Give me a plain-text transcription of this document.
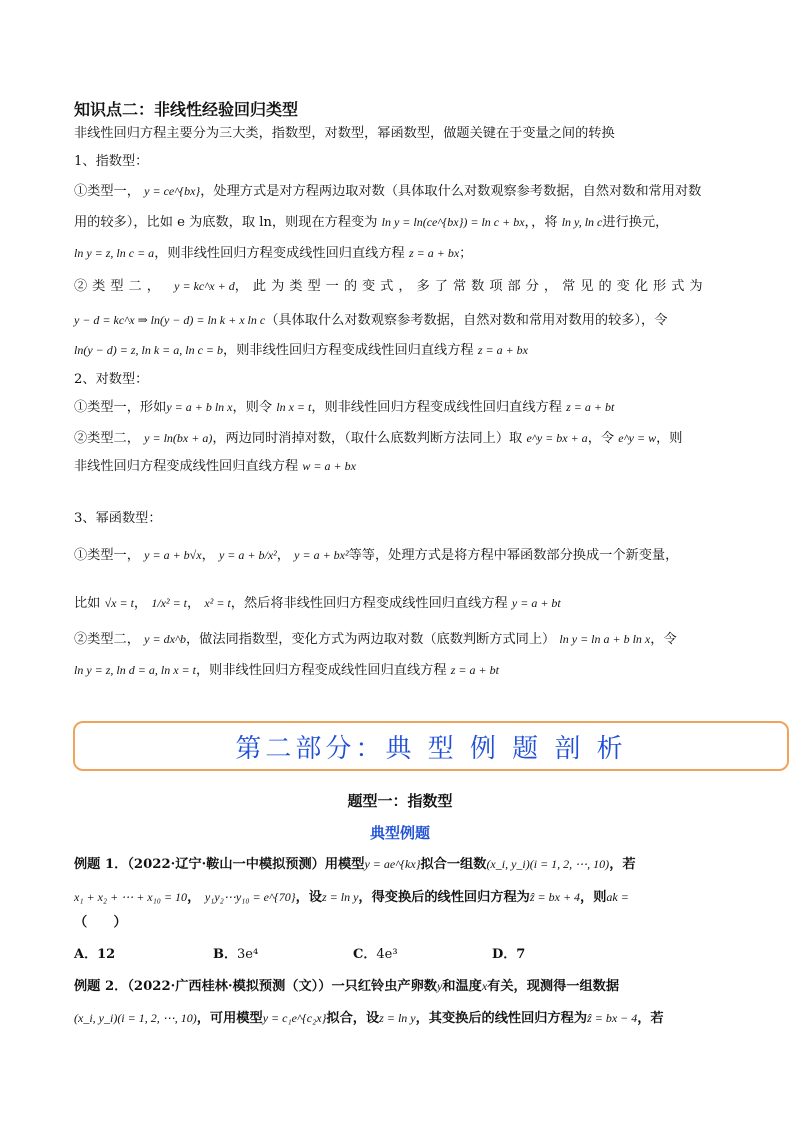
知识点二：非线性经验回归类型
非线性回归方程主要分为三大类，指数型，对数型，幂函数型，做题关键在于变量之间的转换
1、指数型：
①类型一， y = ce^{bx}，处理方式是对方程两边取对数（具体取什么对数观察参考数据，自然对数和常用对数
用的较多），比如 e 为底数，取 ln，则现在方程变为 ln y = ln(ce^{bx}) = ln c + bx，，将 ln y, ln c进行换元，
ln y = z, ln c = a，则非线性回归方程变成线性回归直线方程 z = a + bx；
②类型二， y = kc^x + d，此为类型一的变式，多了常数项部分，常见的变化形式为
y − d = kc^x ⇒ ln(y − d) = ln k + x ln c（具体取什么对数观察参考数据，自然对数和常用对数用的较多），令
ln(y − d) = z, ln k = a, ln c = b，则非线性回归方程变成线性回归直线方程 z = a + bx
2、对数型：
①类型一，形如y = a + b ln x，则令 ln x = t，则非线性回归方程变成线性回归直线方程 z = a + bt
②类型二， y = ln(bx + a)，两边同时消掉对数，（取什么底数判断方法同上）取 e^y = bx + a，令 e^y = w，则
非线性回归方程变成线性回归直线方程 w = a + bx
3、幂函数型：
①类型一， y = a + b√x， y = a + b/x²， y = a + bx²等等，处理方式是将方程中幂函数部分换成一个新变量，
比如 √x = t， 1/x² = t， x² = t，然后将非线性回归方程变成线性回归直线方程 y = a + bt
②类型二， y = dx^b，做法同指数型，变化方式为两边取对数（底数判断方式同上） ln y = ln a + b ln x，令
ln y = z, ln d = a, ln x = t，则非线性回归方程变成线性回归直线方程 z = a + bt
第二部分：典 型 例 题 剖 析
题型一：指数型
典型例题
例题 1．（2022·辽宁·鞍山一中模拟预测）用模型y = ae^{kx}拟合一组数(x_i, y_i)(i = 1, 2, ⋯, 10)，若
x₁ + x₂ + ⋯ + x₁₀ = 10， y₁y₂⋯y₁₀ = e^{70}，设z = ln y，得变换后的线性回归方程为ẑ = bx + 4，则ak =
（　　）
A．12	B．3e⁴	C．4e³	D．7
例题 2．（2022·广西桂林·模拟预测（文））一只红铃虫产卵数y和温度x有关，现测得一组数据
(x_i, y_i)(i = 1, 2, ⋯, 10)，可用模型y = c₁e^{c₂x}拟合，设z = ln y，其变换后的线性回归方程为ẑ = bx − 4，若
